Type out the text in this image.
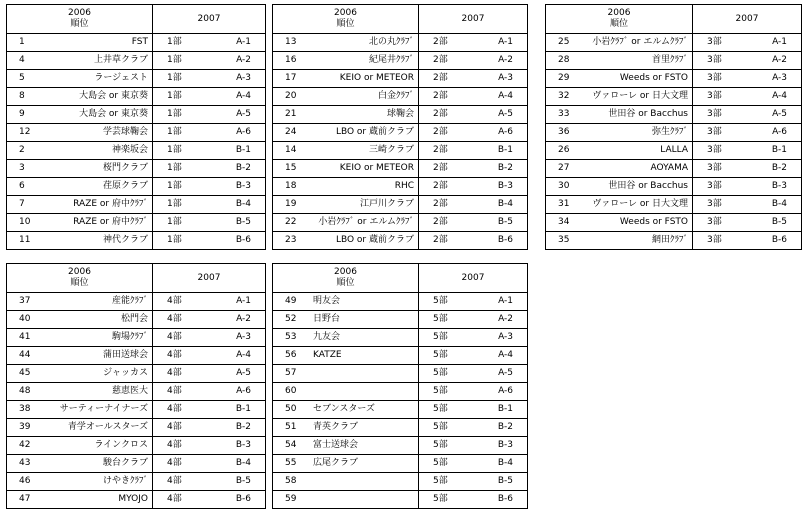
2006
順位	2007

1 FST	1部 A-1

4 上井草クラブ	1部 A-2

5 ラージェスト	1部 A-3

8 大島会 or 東京葵	1部 A-4

9 大島会 or 東京葵	1部 A-5

12 学芸球鞠会	1部 A-6

2 神楽坂会	1部 B-1

3 桜門クラブ	1部 B-2

6 荏原クラブ	1部 B-3

7 RAZE or 府中ｸﾗﾌﾞ	1部 B-4

10 RAZE or 府中ｸﾗﾌﾞ	1部 B-5

11 神代クラブ	1部 B-6
2006
順位	2007

13 北の丸ｸﾗﾌﾞ	2部 A-1

16 紀尾井ｸﾗﾌﾞ	2部 A-2

17 KEIO or METEOR	2部 A-3

20 白金ｸﾗﾌﾞ	2部 A-4

21 球鞠会	2部 A-5

24 LBO or 蔵前クラブ	2部 A-6

14 三崎クラブ	2部 B-1

15 KEIO or METEOR	2部 B-2

18 RHC	2部 B-3

19 江戸川クラブ	2部 B-4

22 小岩ｸﾗﾌﾞ or エルムｸﾗﾌﾞ	2部 B-5

23 LBO or 蔵前クラブ	2部 B-6
2006
順位	2007

25 小岩ｸﾗﾌﾞ or エルムｸﾗﾌﾞ	3部 A-1

28 首里ｸﾗﾌﾞ	3部 A-2

29 Weeds or FSTO	3部 A-3

32 ヴァローレ or 日大文理	3部 A-4

33 世田谷 or Bacchus	3部 A-5

36 弥生ｸﾗﾌﾞ	3部 A-6

26 LALLA	3部 B-1

27 AOYAMA	3部 B-2

30 世田谷 or Bacchus	3部 B-3

31 ヴァローレ or 日大文理	3部 B-4

34 Weeds or FSTO	3部 B-5

35 網田ｸﾗﾌﾞ	3部 B-6
2006
順位	2007

37 産能ｸﾗﾌﾞ	4部 A-1

40 松門会	4部 A-2

41 駒場ｸﾗﾌﾞ	4部 A-3

44 蒲田送球会	4部 A-4

45 ジャッカス	4部 A-5

48 慈恵医大	4部 A-6

38 サーティーナイナーズ	4部 B-1

39 青学オールスターズ	4部 B-2

42 ラインクロス	4部 B-3

43 駿台クラブ	4部 B-4

46 けやきｸﾗﾌﾞ	4部 B-5

47 MYOJO	4部 B-6
2006
順位	2007

49 明友会	5部 A-1

52 日野台	5部 A-2

53 九友会	5部 A-3

56 KATZE	5部 A-4

57	5部 A-5

60	5部 A-6

50 セブンスターズ	5部 B-1

51 青英クラブ	5部 B-2

54 富士送球会	5部 B-3

55 広尾クラブ	5部 B-4

58	5部 B-5

59	5部 B-6
